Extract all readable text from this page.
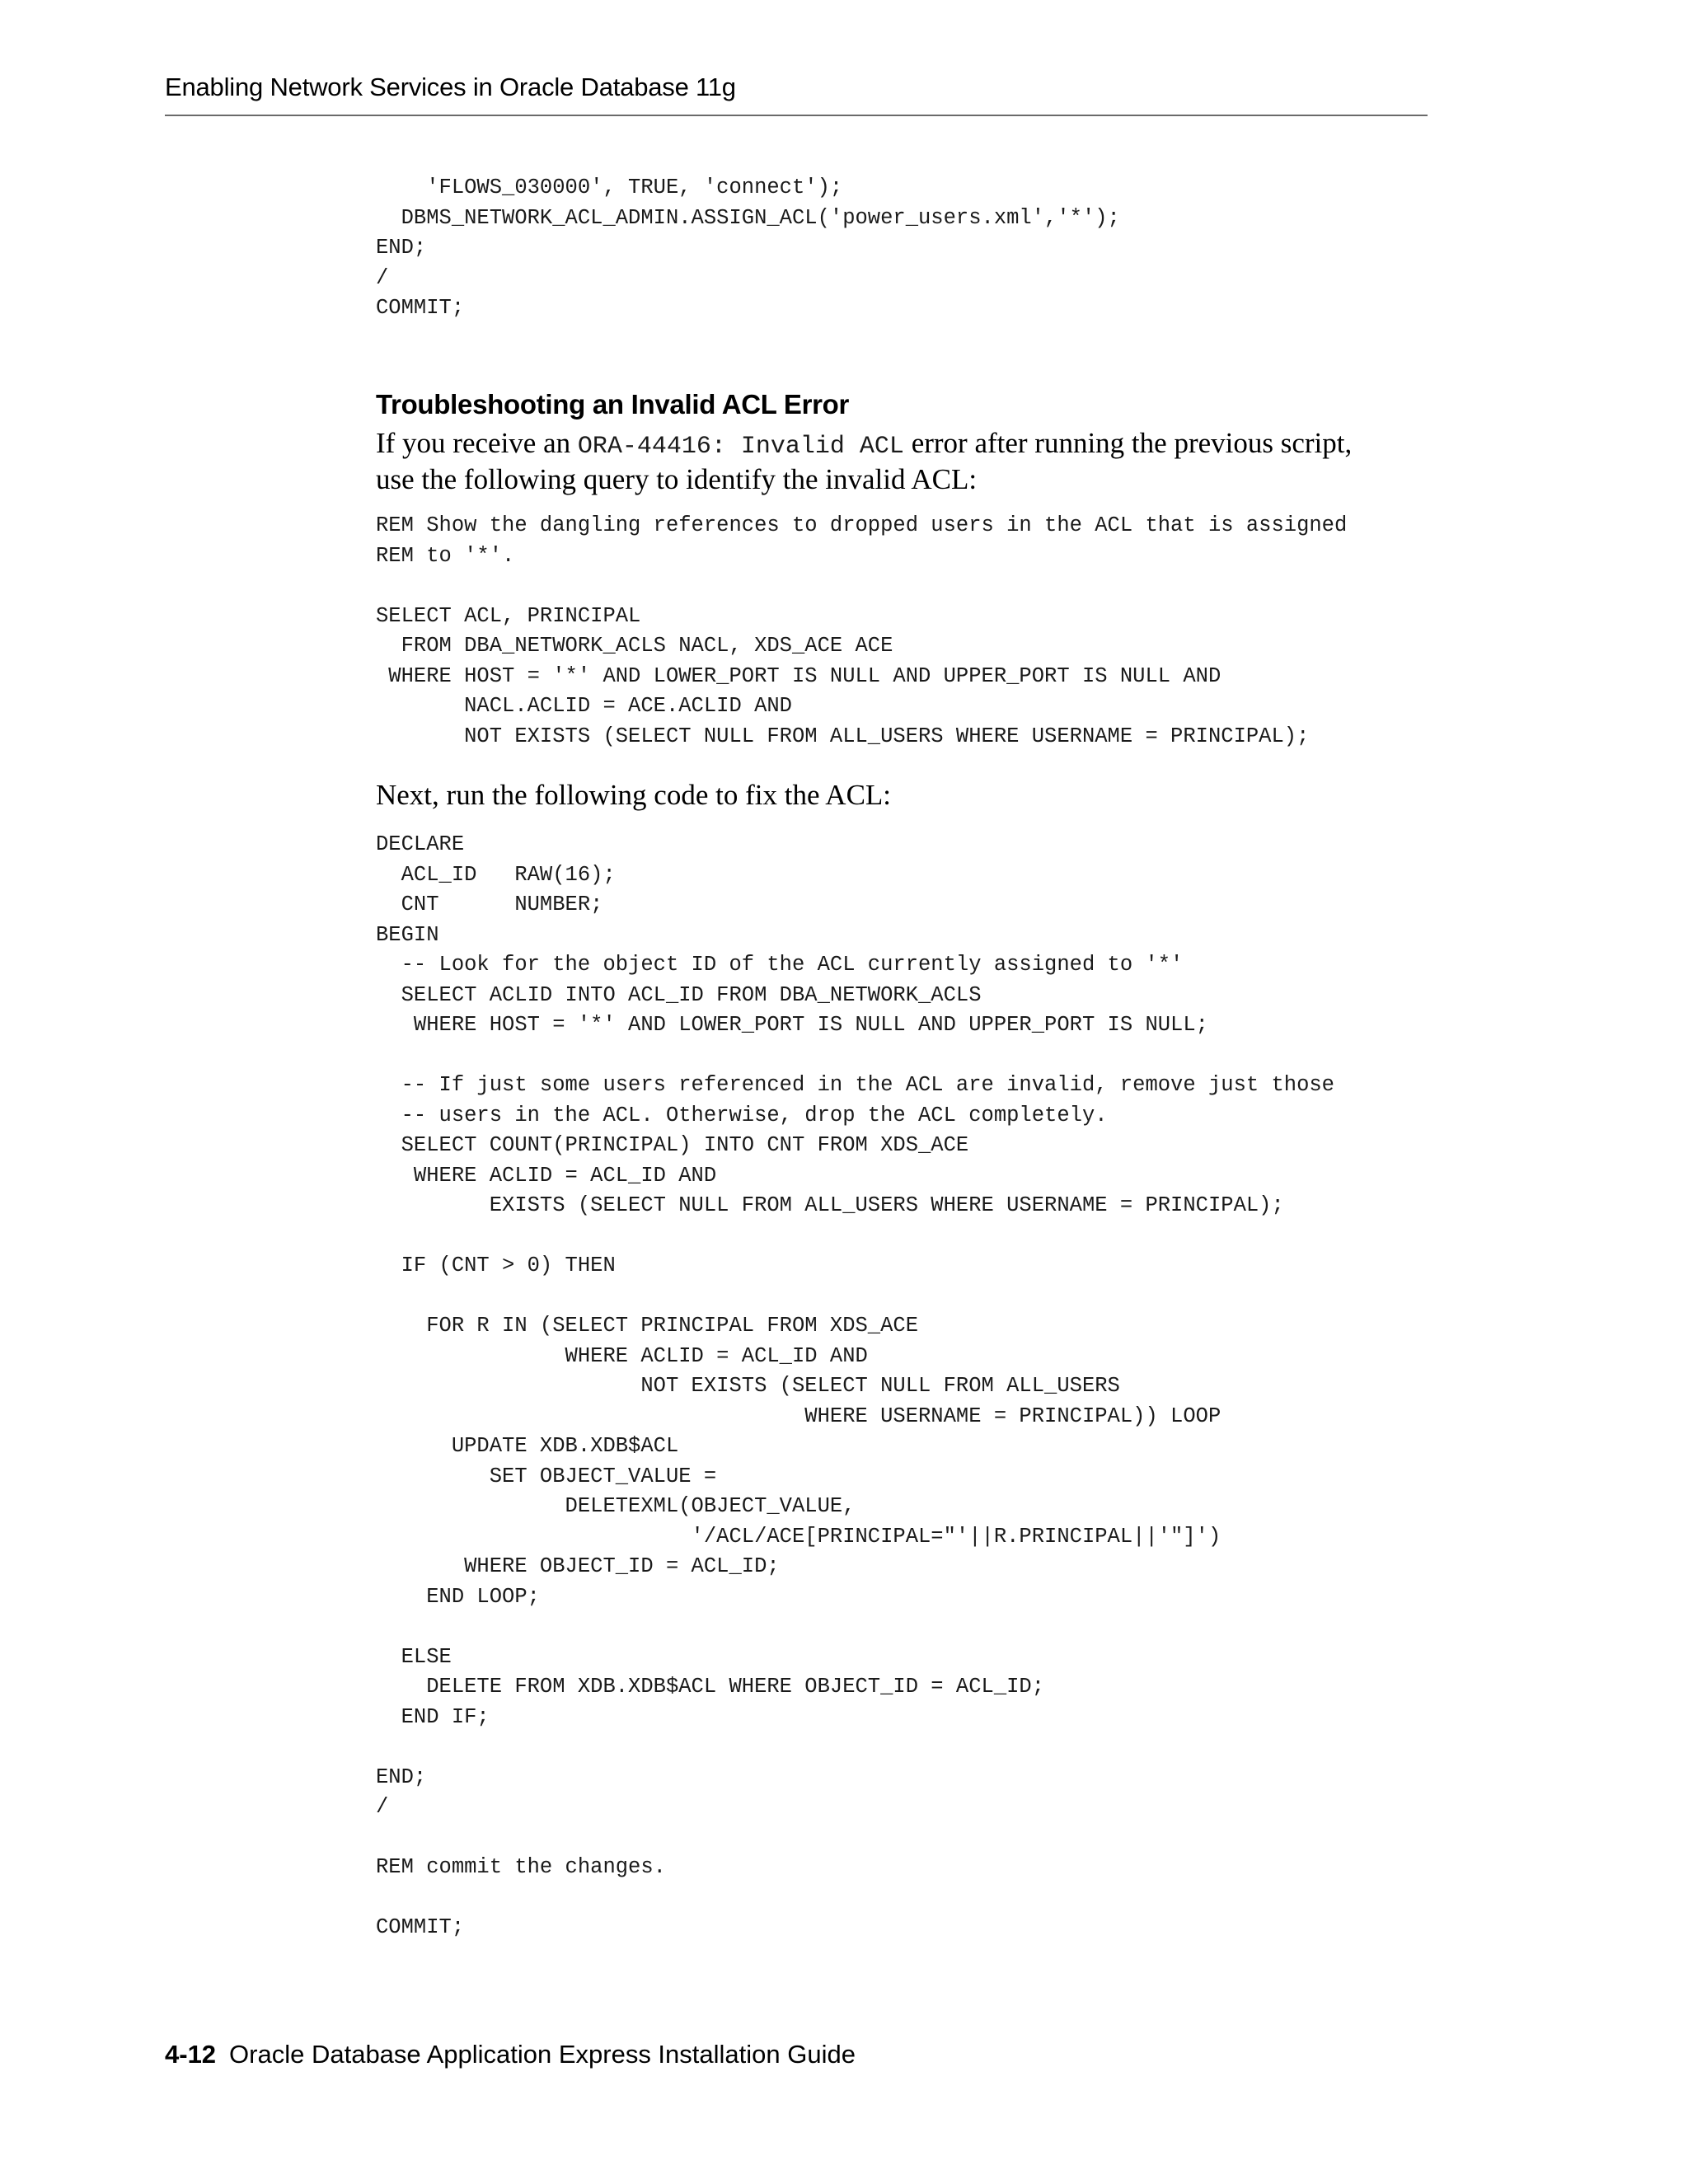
Enabling Network Services in Oracle Database 11g
'FLOWS_030000', TRUE, 'connect');
DBMS_NETWORK_ACL_ADMIN.ASSIGN_ACL('power_users.xml','*');
END;
/
COMMIT;
Troubleshooting an Invalid ACL Error

If you receive an ORA-44416: Invalid ACL error after running the previous script,
use the following query to identify the invalid ACL:

REM Show the dangling references to dropped users in the ACL that is assigned
REM to '*'.

SELECT ACL, PRINCIPAL
FROM DBA_NETWORK_ACLS NACL, XDS_ACE ACE
WHERE HOST = '*' AND LOWER_PORT IS NULL AND UPPER_PORT IS NULL AND
NACL.ACLID = ACE.ACLID AND
NOT EXISTS (SELECT NULL FROM ALL_USERS WHERE USERNAME = PRINCIPAL);

Next, run the following code to fix the ACL:

DECLARE
ACL_ID   RAW(16);
CNT      NUMBER;
BEGIN
-- Look for the object ID of the ACL currently assigned to '*'
SELECT ACLID INTO ACL_ID FROM DBA_NETWORK_ACLS
WHERE HOST = '*' AND LOWER_PORT IS NULL AND UPPER_PORT IS NULL;

-- If just some users referenced in the ACL are invalid, remove just those
-- users in the ACL. Otherwise, drop the ACL completely.
SELECT COUNT(PRINCIPAL) INTO CNT FROM XDS_ACE
WHERE ACLID = ACL_ID AND
EXISTS (SELECT NULL FROM ALL_USERS WHERE USERNAME = PRINCIPAL);

IF (CNT > 0) THEN

FOR R IN (SELECT PRINCIPAL FROM XDS_ACE
WHERE ACLID = ACL_ID AND
NOT EXISTS (SELECT NULL FROM ALL_USERS
WHERE USERNAME = PRINCIPAL)) LOOP
UPDATE XDB.XDB$ACL
SET OBJECT_VALUE =
DELETEXML(OBJECT_VALUE,
'/ACL/ACE[PRINCIPAL="'||R.PRINCIPAL||'"]')
WHERE OBJECT_ID = ACL_ID;
END LOOP;

ELSE
DELETE FROM XDB.XDB$ACL WHERE OBJECT_ID = ACL_ID;
END IF;

END;
/

REM commit the changes.

COMMIT;
4-12 Oracle Database Application Express Installation Guide
